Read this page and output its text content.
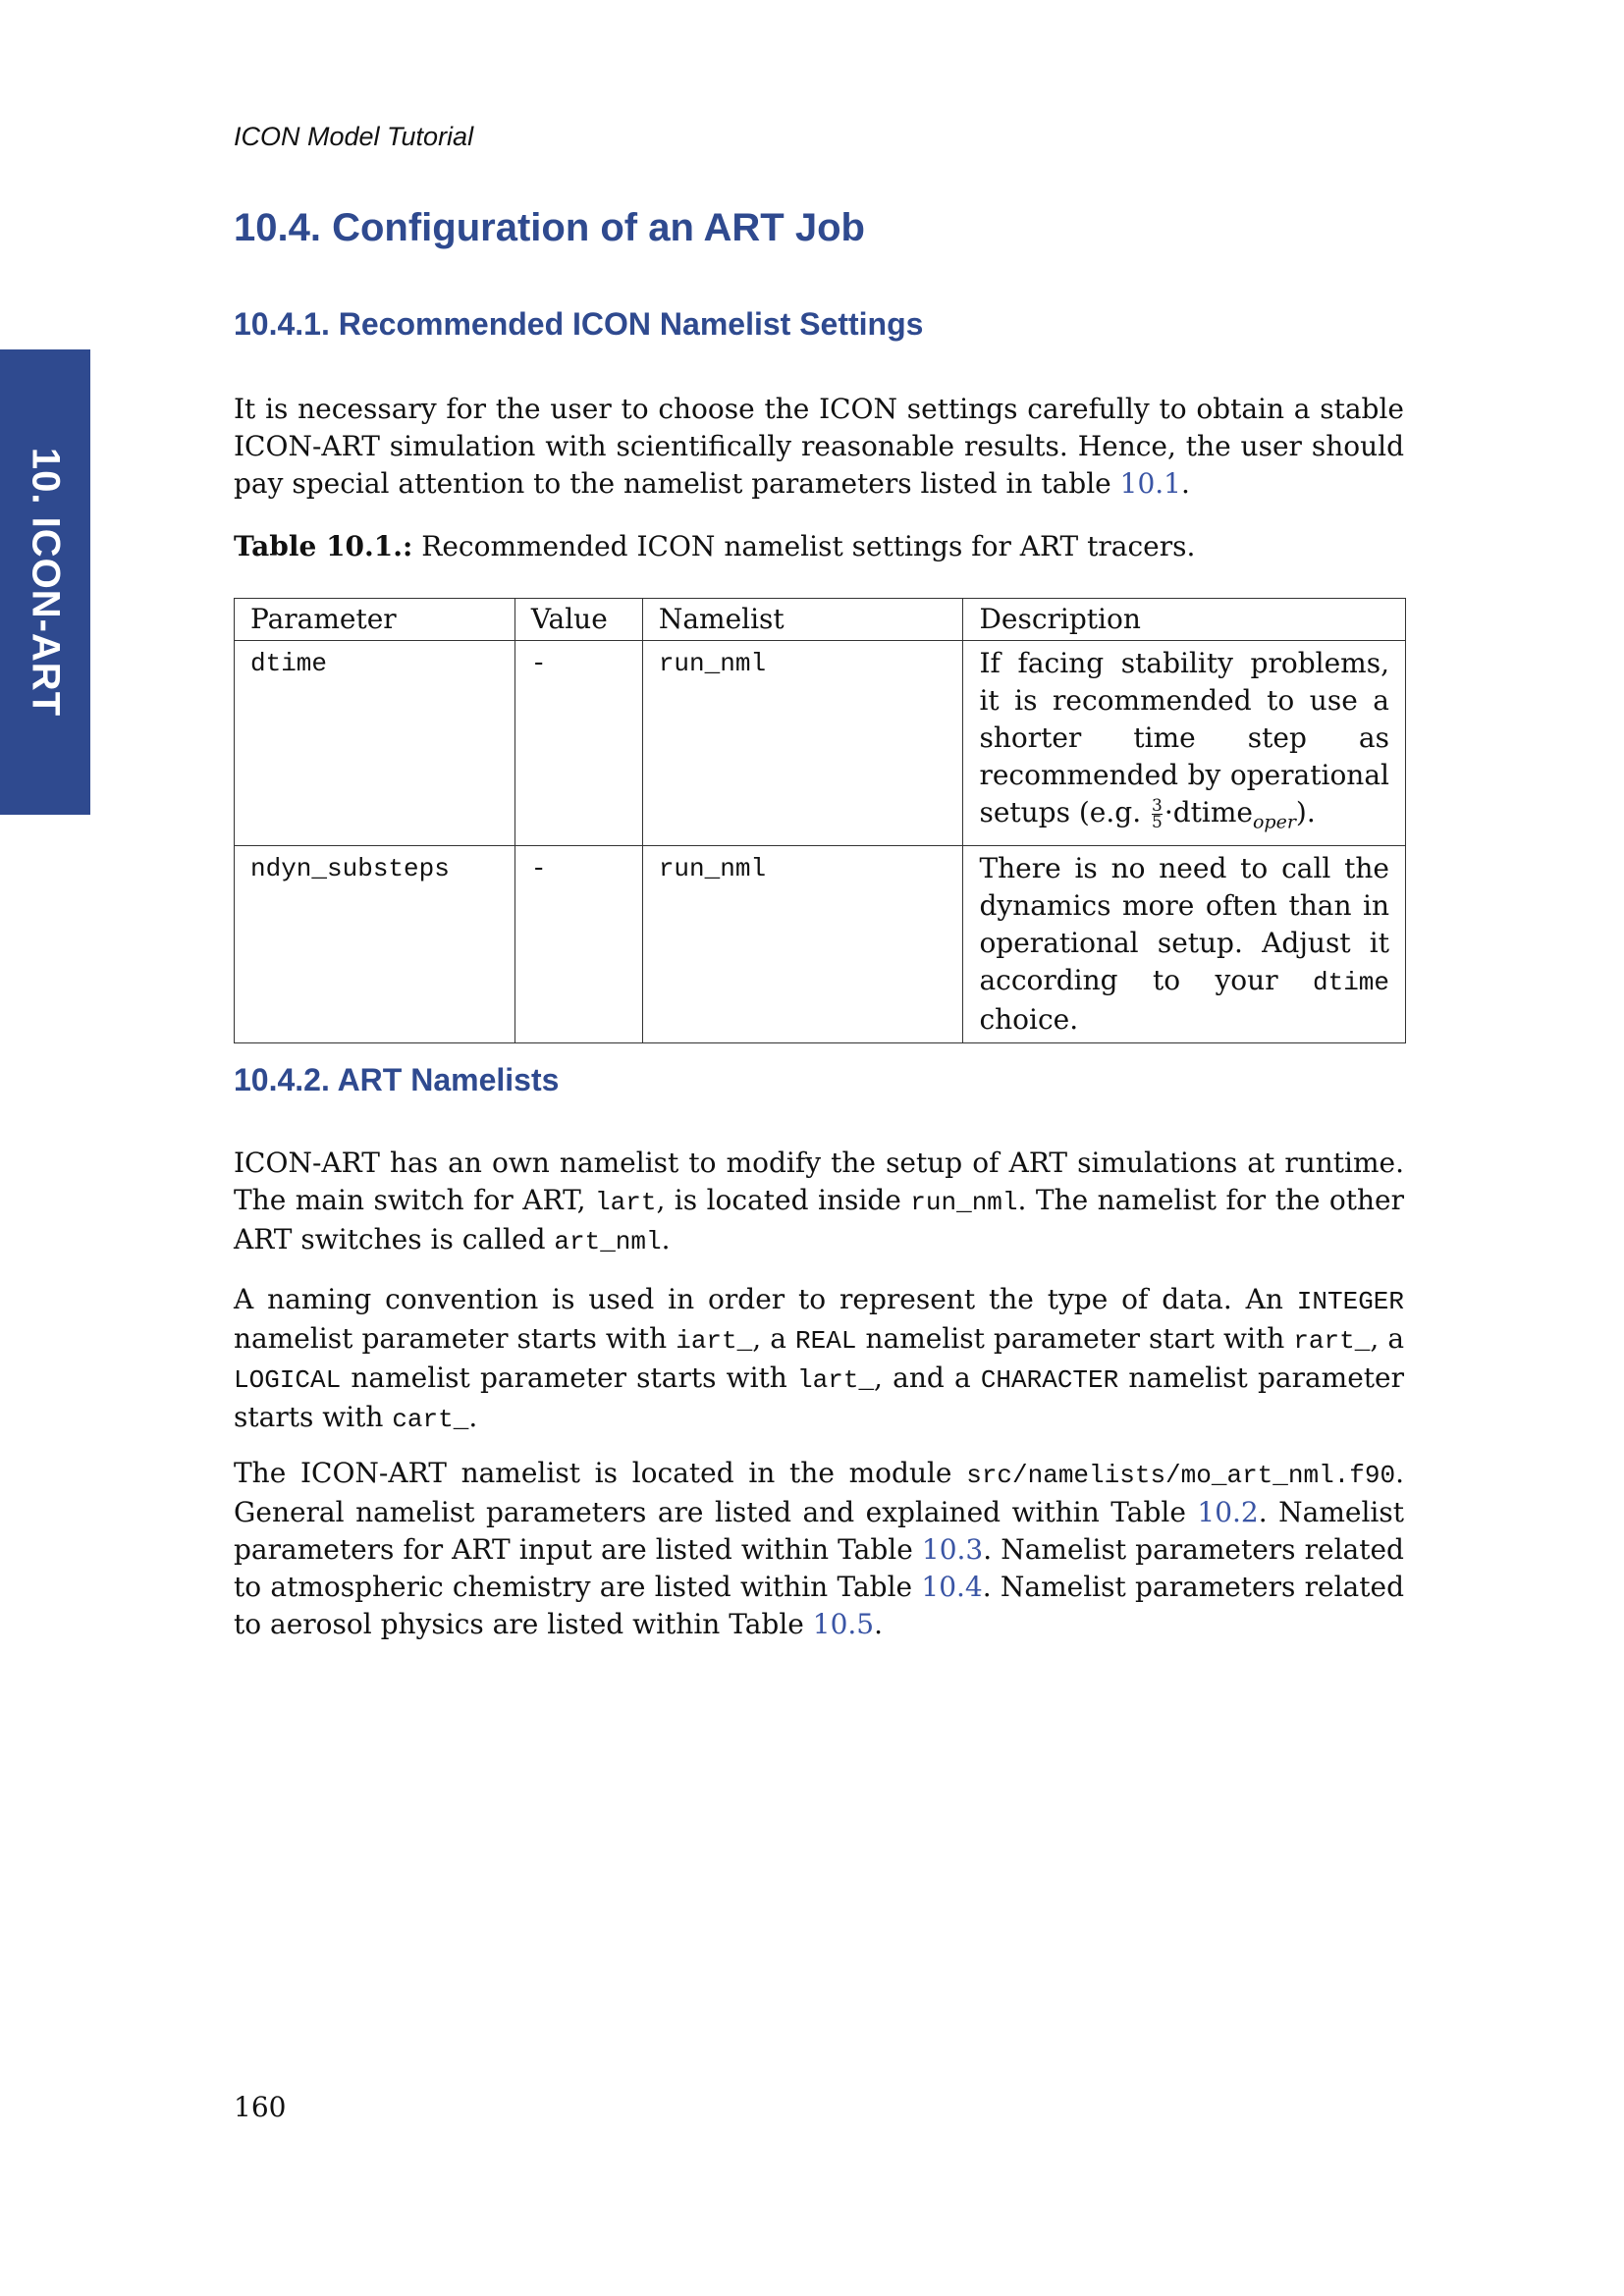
ICON Model Tutorial
10. ICON-ART
10.4. Configuration of an ART Job
10.4.1. Recommended ICON Namelist Settings

It is necessary for the user to choose the ICON settings carefully to obtain a stable ICON-ART simulation with scientifically reasonable results. Hence, the user should pay special attention to the namelist parameters listed in table 10.1.

Table 10.1.: Recommended ICON namelist settings for ART tracers.
Parameter	Value	Namelist	Description
dtime	-	run_nml	If facing stability problems, it is recommended to use a shorter time step as recommended by operational setups (e.g. $\frac{3}{5}$ ·dtime$_{oper}$).
ndyn_substeps	-	run_nml	There is no need to call the dynamics more often than in operational setup. Adjust it according to your dtime choice.
10.4.2. ART Namelists

ICON-ART has an own namelist to modify the setup of ART simulations at runtime. The main switch for ART, lart, is located inside run_nml. The namelist for the other ART switches is called art_nml.

A naming convention is used in order to represent the type of data. An INTEGER namelist parameter starts with iart_, a REAL namelist parameter start with rart_, a LOGICAL namelist parameter starts with lart_, and a CHARACTER namelist parameter starts with cart_.

The ICON-ART namelist is located in the module src/namelists/mo_art_nml.f90. General namelist parameters are listed and explained within Table 10.2. Namelist parameters for ART input are listed within Table 10.3. Namelist parameters related to atmospheric chemistry are listed within Table 10.4. Namelist parameters related to aerosol physics are listed within Table 10.5.

160
